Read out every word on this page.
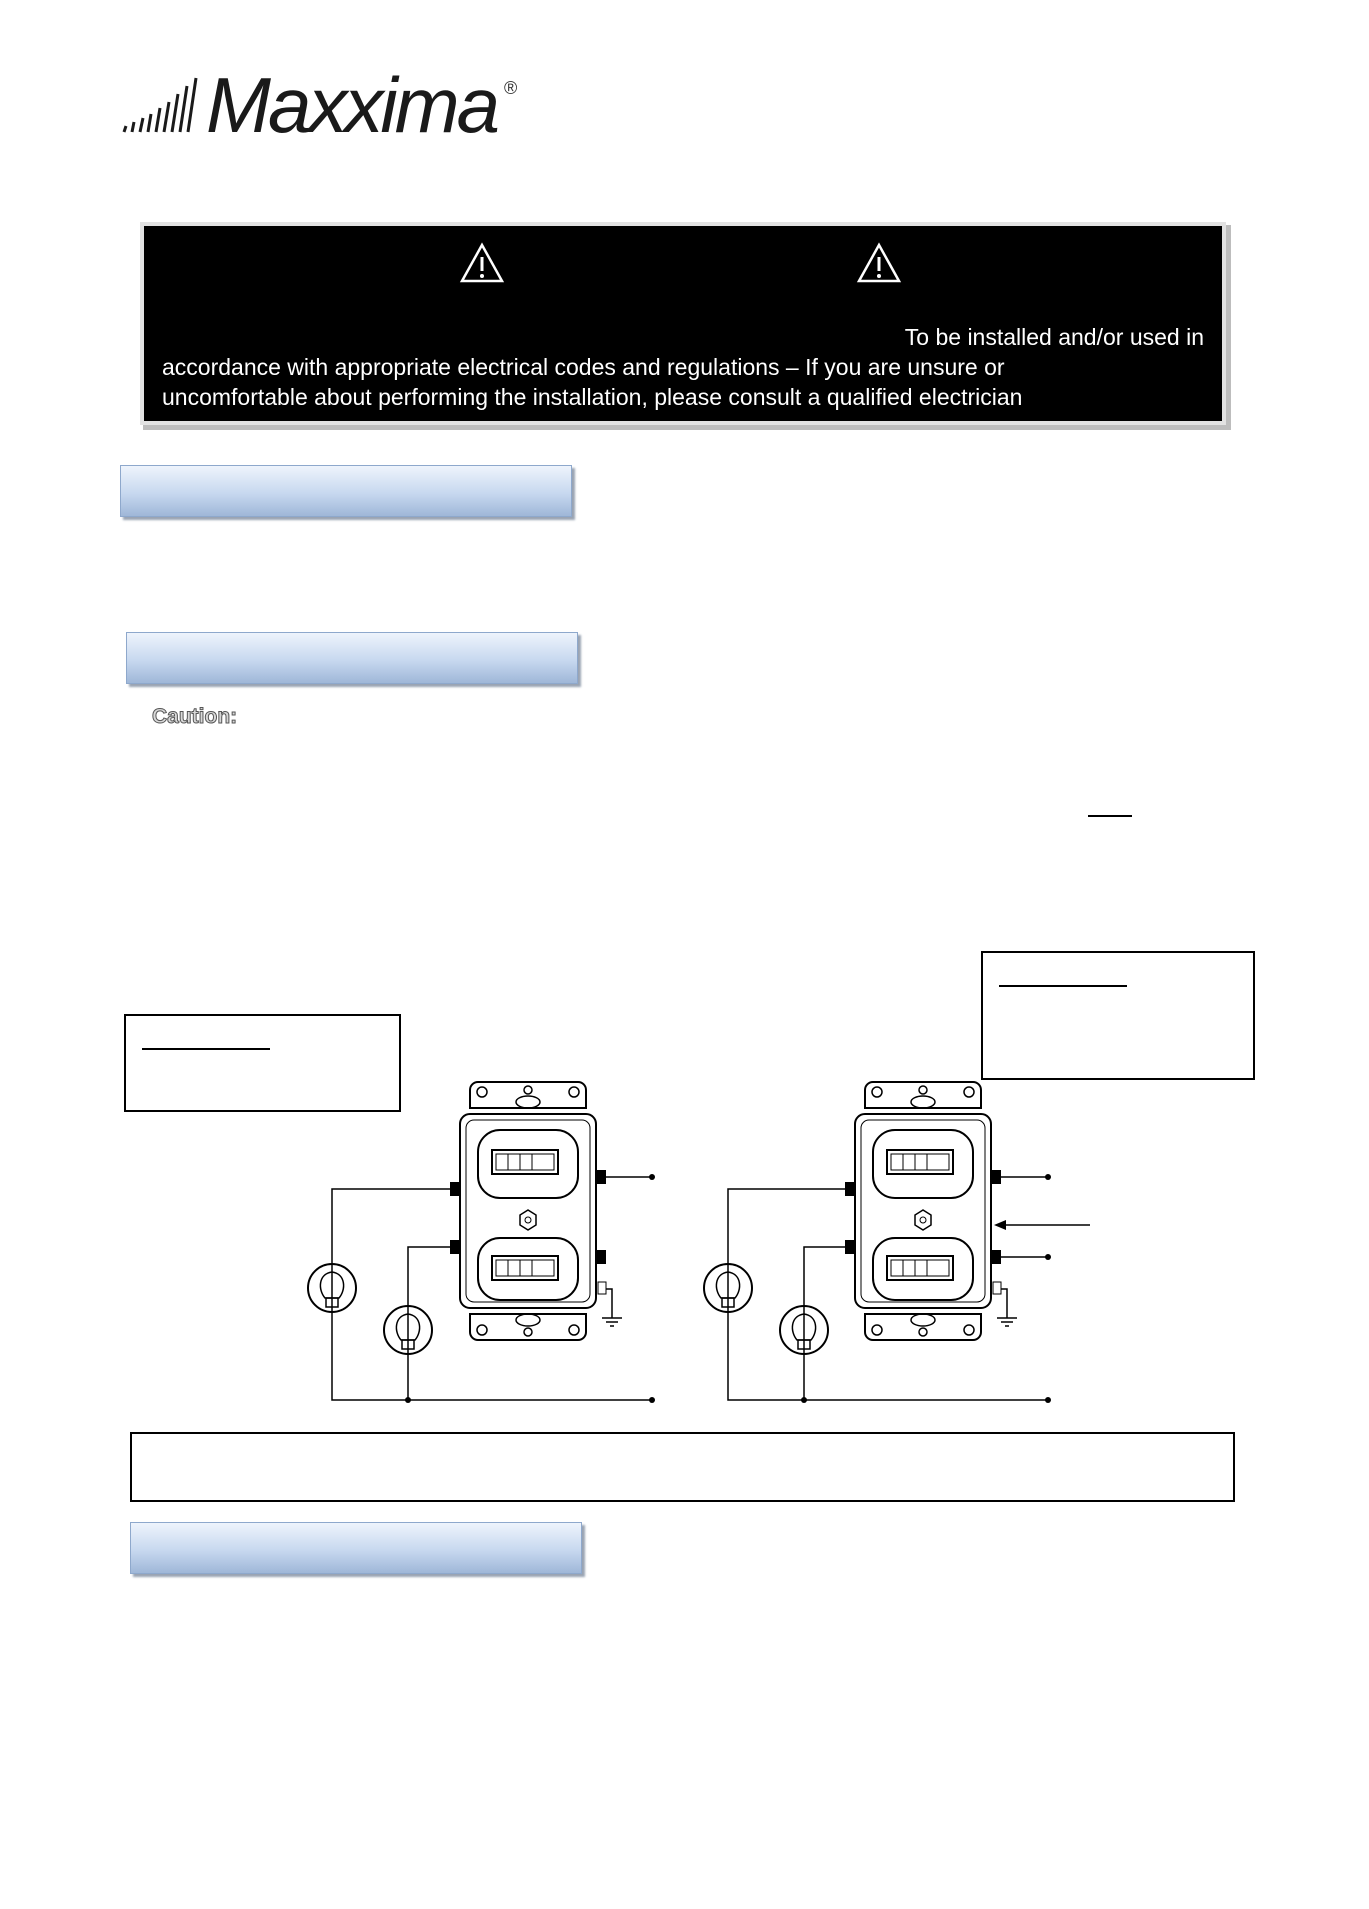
Maxxima ®
To be installed and/or used in
accordance with appropriate electrical codes and regulations – If you are unsure or
uncomfortable about performing the installation, please consult a qualified electrician
Caution:
